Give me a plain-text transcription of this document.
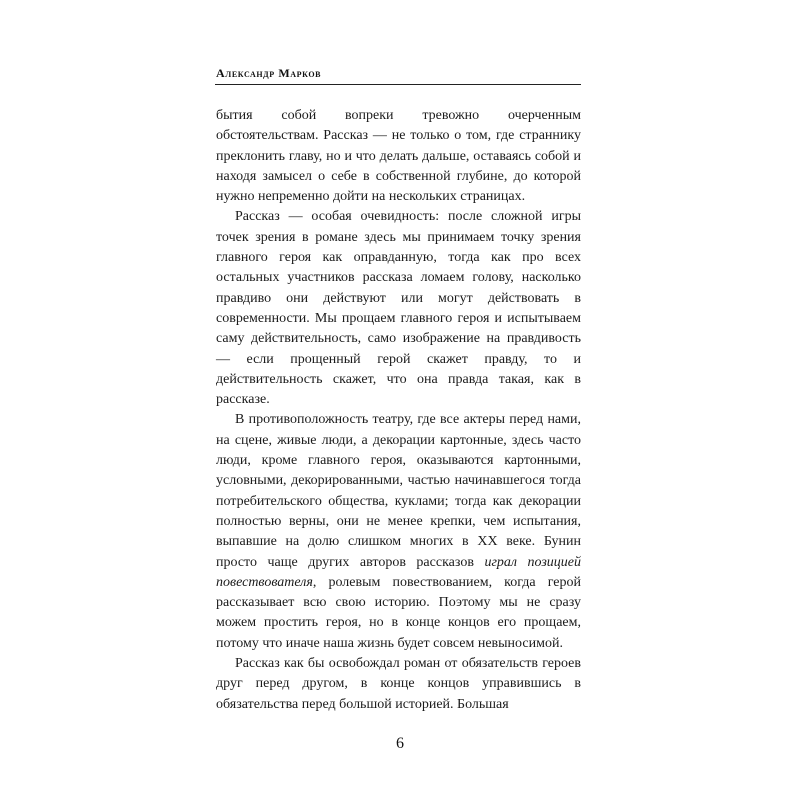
Александр Марков

бытия собой вопреки тревожно очерченным обстоятельствам. Рассказ — не только о том, где страннику преклонить главу, но и что делать дальше, оставаясь собой и находя замысел о себе в собственной глубине, до которой нужно непременно дойти на нескольких страницах.

Рассказ — особая очевидность: после сложной игры точек зрения в романе здесь мы принимаем точку зрения главного героя как оправданную, тогда как про всех остальных участников рассказа ломаем голову, насколько правдиво они действуют или могут действовать в современности. Мы прощаем главного героя и испытываем саму действительность, само изображение на правдивость — если прощенный герой скажет правду, то и действительность скажет, что она правда такая, как в рассказе.

В противоположность театру, где все актеры перед нами, на сцене, живые люди, а декорации картонные, здесь часто люди, кроме главного героя, оказываются картонными, условными, декорированными, частью начинавшегося тогда потребительского общества, куклами; тогда как декорации полностью верны, они не менее крепки, чем испытания, выпавшие на долю слишком многих в XX веке. Бунин просто чаще других авторов рассказов играл позицией повествователя, ролевым повествованием, когда герой рассказывает всю свою историю. Поэтому мы не сразу можем простить героя, но в конце концов его прощаем, потому что иначе наша жизнь будет совсем невыносимой.

Рассказ как бы освобождал роман от обязательств героев друг перед другом, в конце концов управившись в обязательства перед большой историей. Большая

6
